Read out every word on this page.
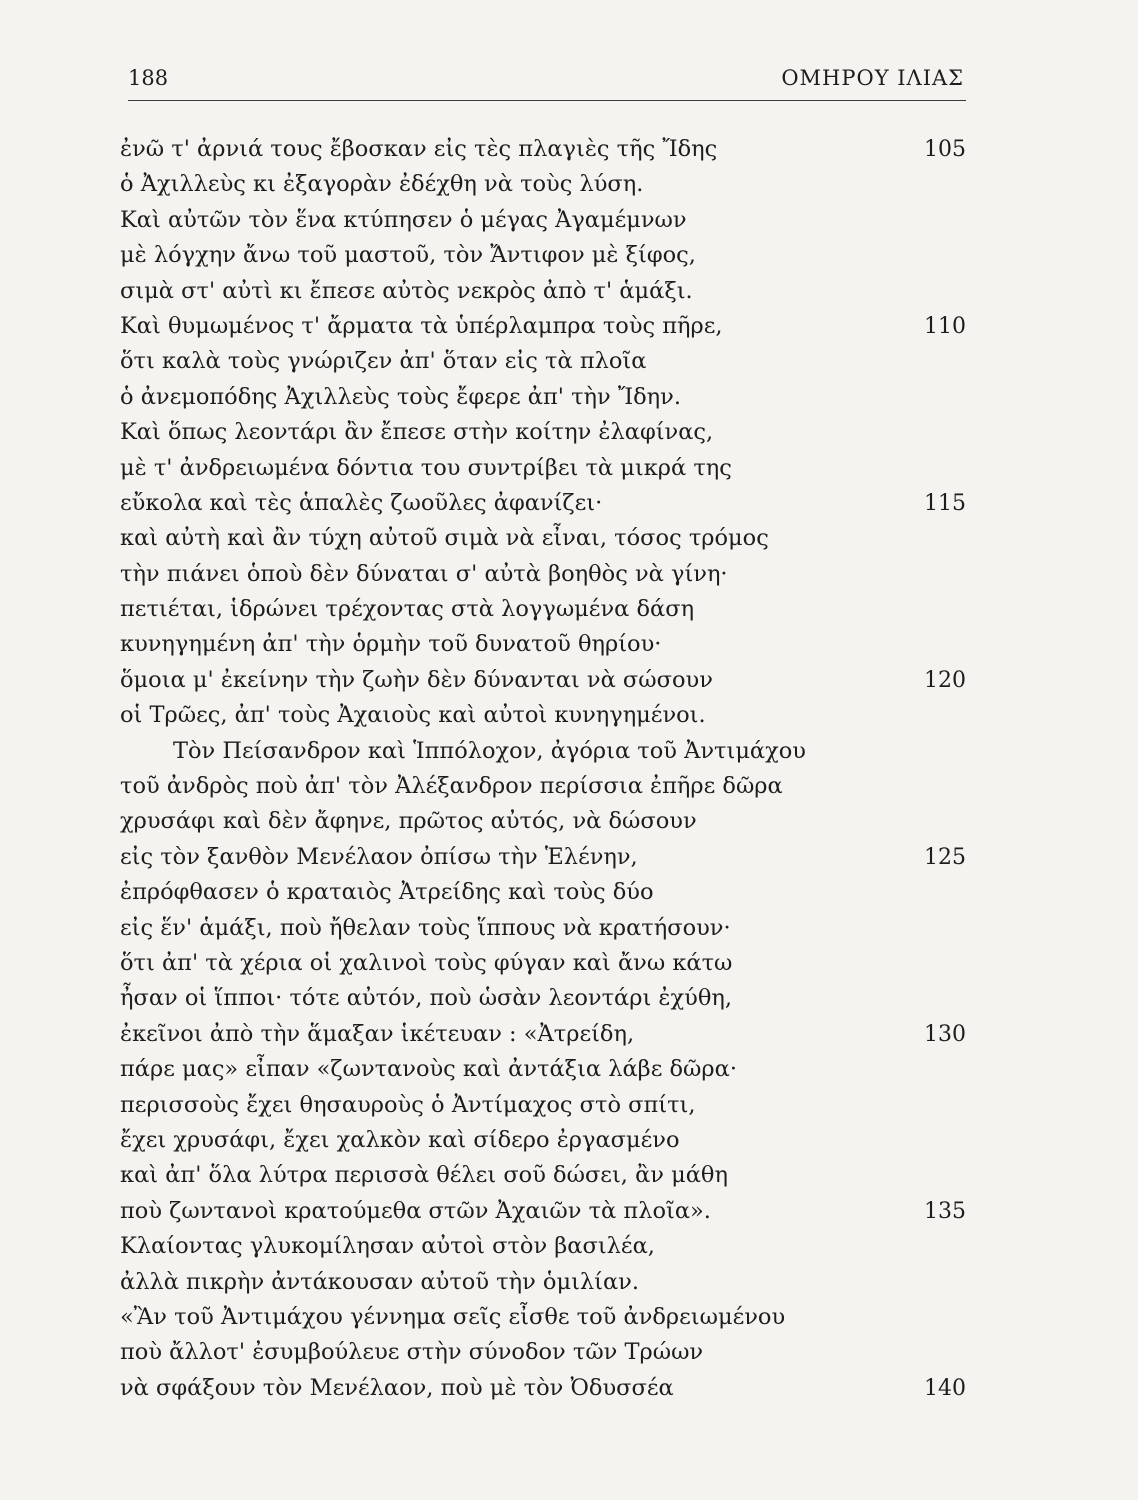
188	ΟΜΗΡΟΥ ΙΛΙΑΣ
ἐνῶ τ' ἀρνιά τους ἔβοσκαν εἰς τὲς πλαγιὲς τῆς Ἴδης	105
ὁ Ἀχιλλεὺς κι ἐξαγορὰν ἐδέχθη νὰ τοὺς λύση.
Καὶ αὐτῶν τὸν ἕνα κτύπησεν ὁ μέγας Ἀγαμέμνων
μὲ λόγχην ἄνω τοῦ μαστοῦ, τὸν Ἄντιφον μὲ ξίφος,
σιμὰ στ' αὐτὶ κι ἔπεσε αὐτὸς νεκρὸς ἀπὸ τ' ἁμάξι.
Καὶ θυμωμένος τ' ἄρματα τὰ ὑπέρλαμπρα τοὺς πῆρε,	110
ὅτι καλὰ τοὺς γνώριζεν ἀπ' ὅταν εἰς τὰ πλοῖα
ὁ ἀνεμοπόδης Ἀχιλλεὺς τοὺς ἔφερε ἀπ' τὴν Ἴδην.
Καὶ ὅπως λεοντάρι ἂν ἔπεσε στὴν κοίτην ἐλαφίνας,
μὲ τ' ἀνδρειωμένα δόντια του συντρίβει τὰ μικρά της
εὔκολα καὶ τὲς ἁπαλὲς ζωοῦλες ἀφανίζει·	115
καὶ αὐτὴ καὶ ἂν τύχη αὐτοῦ σιμὰ νὰ εἶναι, τόσος τρόμος
τὴν πιάνει ὁποὺ δὲν δύναται σ' αὐτὰ βοηθὸς νὰ γίνη·
πετιέται, ἱδρώνει τρέχοντας στὰ λογγωμένα δάση
κυνηγημένη ἀπ' τὴν ὁρμὴν τοῦ δυνατοῦ θηρίου·
ὅμοια μ' ἐκείνην τὴν ζωὴν δὲν δύνανται νὰ σώσουν	120
οἱ Τρῶες, ἀπ' τοὺς Ἀχαιοὺς καὶ αὐτοὶ κυνηγημένοι.
Τὸν Πείσανδρον καὶ Ἱππόλοχον, ἀγόρια τοῦ Ἀντιμάχου
τοῦ ἀνδρὸς ποὺ ἀπ' τὸν Ἀλέξανδρον περίσσια ἐπῆρε δῶρα
χρυσάφι καὶ δὲν ἄφηνε, πρῶτος αὐτός, νὰ δώσουν
εἰς τὸν ξανθὸν Μενέλαον ὀπίσω τὴν Ἑλένην,	125
ἐπρόφθασεν ὁ κραταιὸς Ἀτρείδης καὶ τοὺς δύο
εἰς ἕν' ἁμάξι, ποὺ ἤθελαν τοὺς ἵππους νὰ κρατήσουν·
ὅτι ἀπ' τὰ χέρια οἱ χαλινοὶ τοὺς φύγαν καὶ ἄνω κάτω
ἦσαν οἱ ἵπποι· τότε αὐτόν, ποὺ ὡσὰν λεοντάρι ἐχύθη,
ἐκεῖνοι ἀπὸ τὴν ἅμαξαν ἱκέτευαν : «Ἀτρείδη,	130
πάρε μας» εἶπαν «ζωντανοὺς καὶ ἀντάξια λάβε δῶρα·
περισσοὺς ἔχει θησαυροὺς ὁ Ἀντίμαχος στὸ σπίτι,
ἔχει χρυσάφι, ἔχει χαλκὸν καὶ σίδερο ἐργασμένο
καὶ ἀπ' ὅλα λύτρα περισσὰ θέλει σοῦ δώσει, ἂν μάθη
ποὺ ζωντανοὶ κρατούμεθα στῶν Ἀχαιῶν τὰ πλοῖα».	135
Κλαίοντας γλυκομίλησαν αὐτοὶ στὸν βασιλέα,
ἀλλὰ πικρὴν ἀντάκουσαν αὐτοῦ τὴν ὁμιλίαν.
«Ἂν τοῦ Ἀντιμάχου γέννημα σεῖς εἶσθε τοῦ ἀνδρειωμένου
ποὺ ἄλλοτ' ἐσυμβούλευε στὴν σύνοδον τῶν Τρώων
νὰ σφάξουν τὸν Μενέλαον, ποὺ μὲ τὸν Ὀδυσσέα	140
